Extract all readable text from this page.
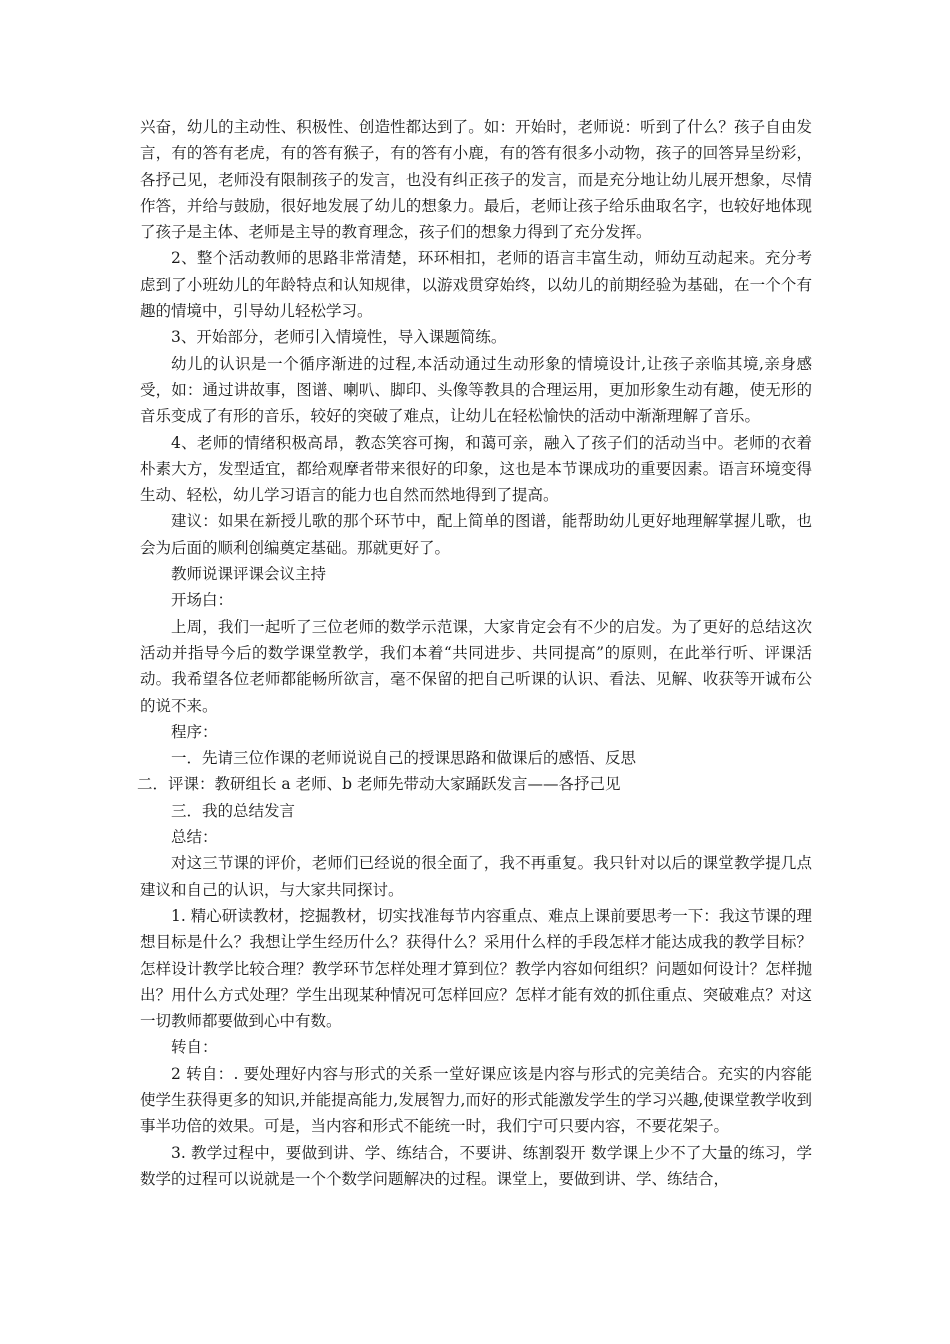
兴奋，幼儿的主动性、积极性、创造性都达到了。如：开始时，老师说：听到了什么？孩子自由发言，有的答有老虎，有的答有猴子，有的答有小鹿，有的答有很多小动物，孩子的回答异呈纷彩，各抒己见，老师没有限制孩子的发言，也没有纠正孩子的发言，而是充分地让幼儿展开想象，尽情作答，并给与鼓励，很好地发展了幼儿的想象力。最后，老师让孩子给乐曲取名字，也较好地体现了孩子是主体、老师是主导的教育理念，孩子们的想象力得到了充分发挥。

2、整个活动教师的思路非常清楚，环环相扣，老师的语言丰富生动，师幼互动起来。充分考虑到了小班幼儿的年龄特点和认知规律，以游戏贯穿始终，以幼儿的前期经验为基础，在一个个有趣的情境中，引导幼儿轻松学习。

3、开始部分，老师引入情境性，导入课题简练。

幼儿的认识是一个循序渐进的过程,本活动通过生动形象的情境设计,让孩子亲临其境,亲身感受，如：通过讲故事，图谱、喇叭、脚印、头像等教具的合理运用，更加形象生动有趣，使无形的音乐变成了有形的音乐，较好的突破了难点，让幼儿在轻松愉快的活动中渐渐理解了音乐。

4、老师的情绪积极高昂，教态笑容可掬，和蔼可亲，融入了孩子们的活动当中。老师的衣着朴素大方，发型适宜，都给观摩者带来很好的印象，这也是本节课成功的重要因素。语言环境变得生动、轻松，幼儿学习语言的能力也自然而然地得到了提高。

建议：如果在新授儿歌的那个环节中，配上简单的图谱，能帮助幼儿更好地理解掌握儿歌，也会为后面的顺利创编奠定基础。那就更好了。

教师说课评课会议主持

开场白：

上周，我们一起听了三位老师的数学示范课，大家肯定会有不少的启发。为了更好的总结这次活动并指导今后的数学课堂教学，我们本着“共同进步、共同提高”的原则，在此举行听、评课活动。我希望各位老师都能畅所欲言，毫不保留的把自己听课的认识、看法、见解、收获等开诚布公的说不来。

程序：

一．先请三位作课的老师说说自己的授课思路和做课后的感悟、反思

二．评课：教研组长 a 老师、b 老师先带动大家踊跃发言——各抒己见

三．我的总结发言

总结：

对这三节课的评价，老师们已经说的很全面了，我不再重复。我只针对以后的课堂教学提几点建议和自己的认识，与大家共同探讨。

1. 精心研读教材，挖掘教材，切实找准每节内容重点、难点上课前要思考一下：我这节课的理想目标是什么？我想让学生经历什么？获得什么？采用什么样的手段怎样才能达成我的教学目标？怎样设计教学比较合理？教学环节怎样处理才算到位？教学内容如何组织？问题如何设计？怎样抛出？用什么方式处理？学生出现某种情况可怎样回应？怎样才能有效的抓住重点、突破难点？对这一切教师都要做到心中有数。

转自：

2 转自：. 要处理好内容与形式的关系一堂好课应该是内容与形式的完美结合。充实的内容能使学生获得更多的知识,并能提高能力,发展智力,而好的形式能激发学生的学习兴趣,使课堂教学收到事半功倍的效果。可是，当内容和形式不能统一时，我们宁可只要内容，不要花架子。

3. 教学过程中，要做到讲、学、练结合，不要讲、练割裂开 数学课上少不了大量的练习，学数学的过程可以说就是一个个数学问题解决的过程。课堂上，要做到讲、学、练结合，
